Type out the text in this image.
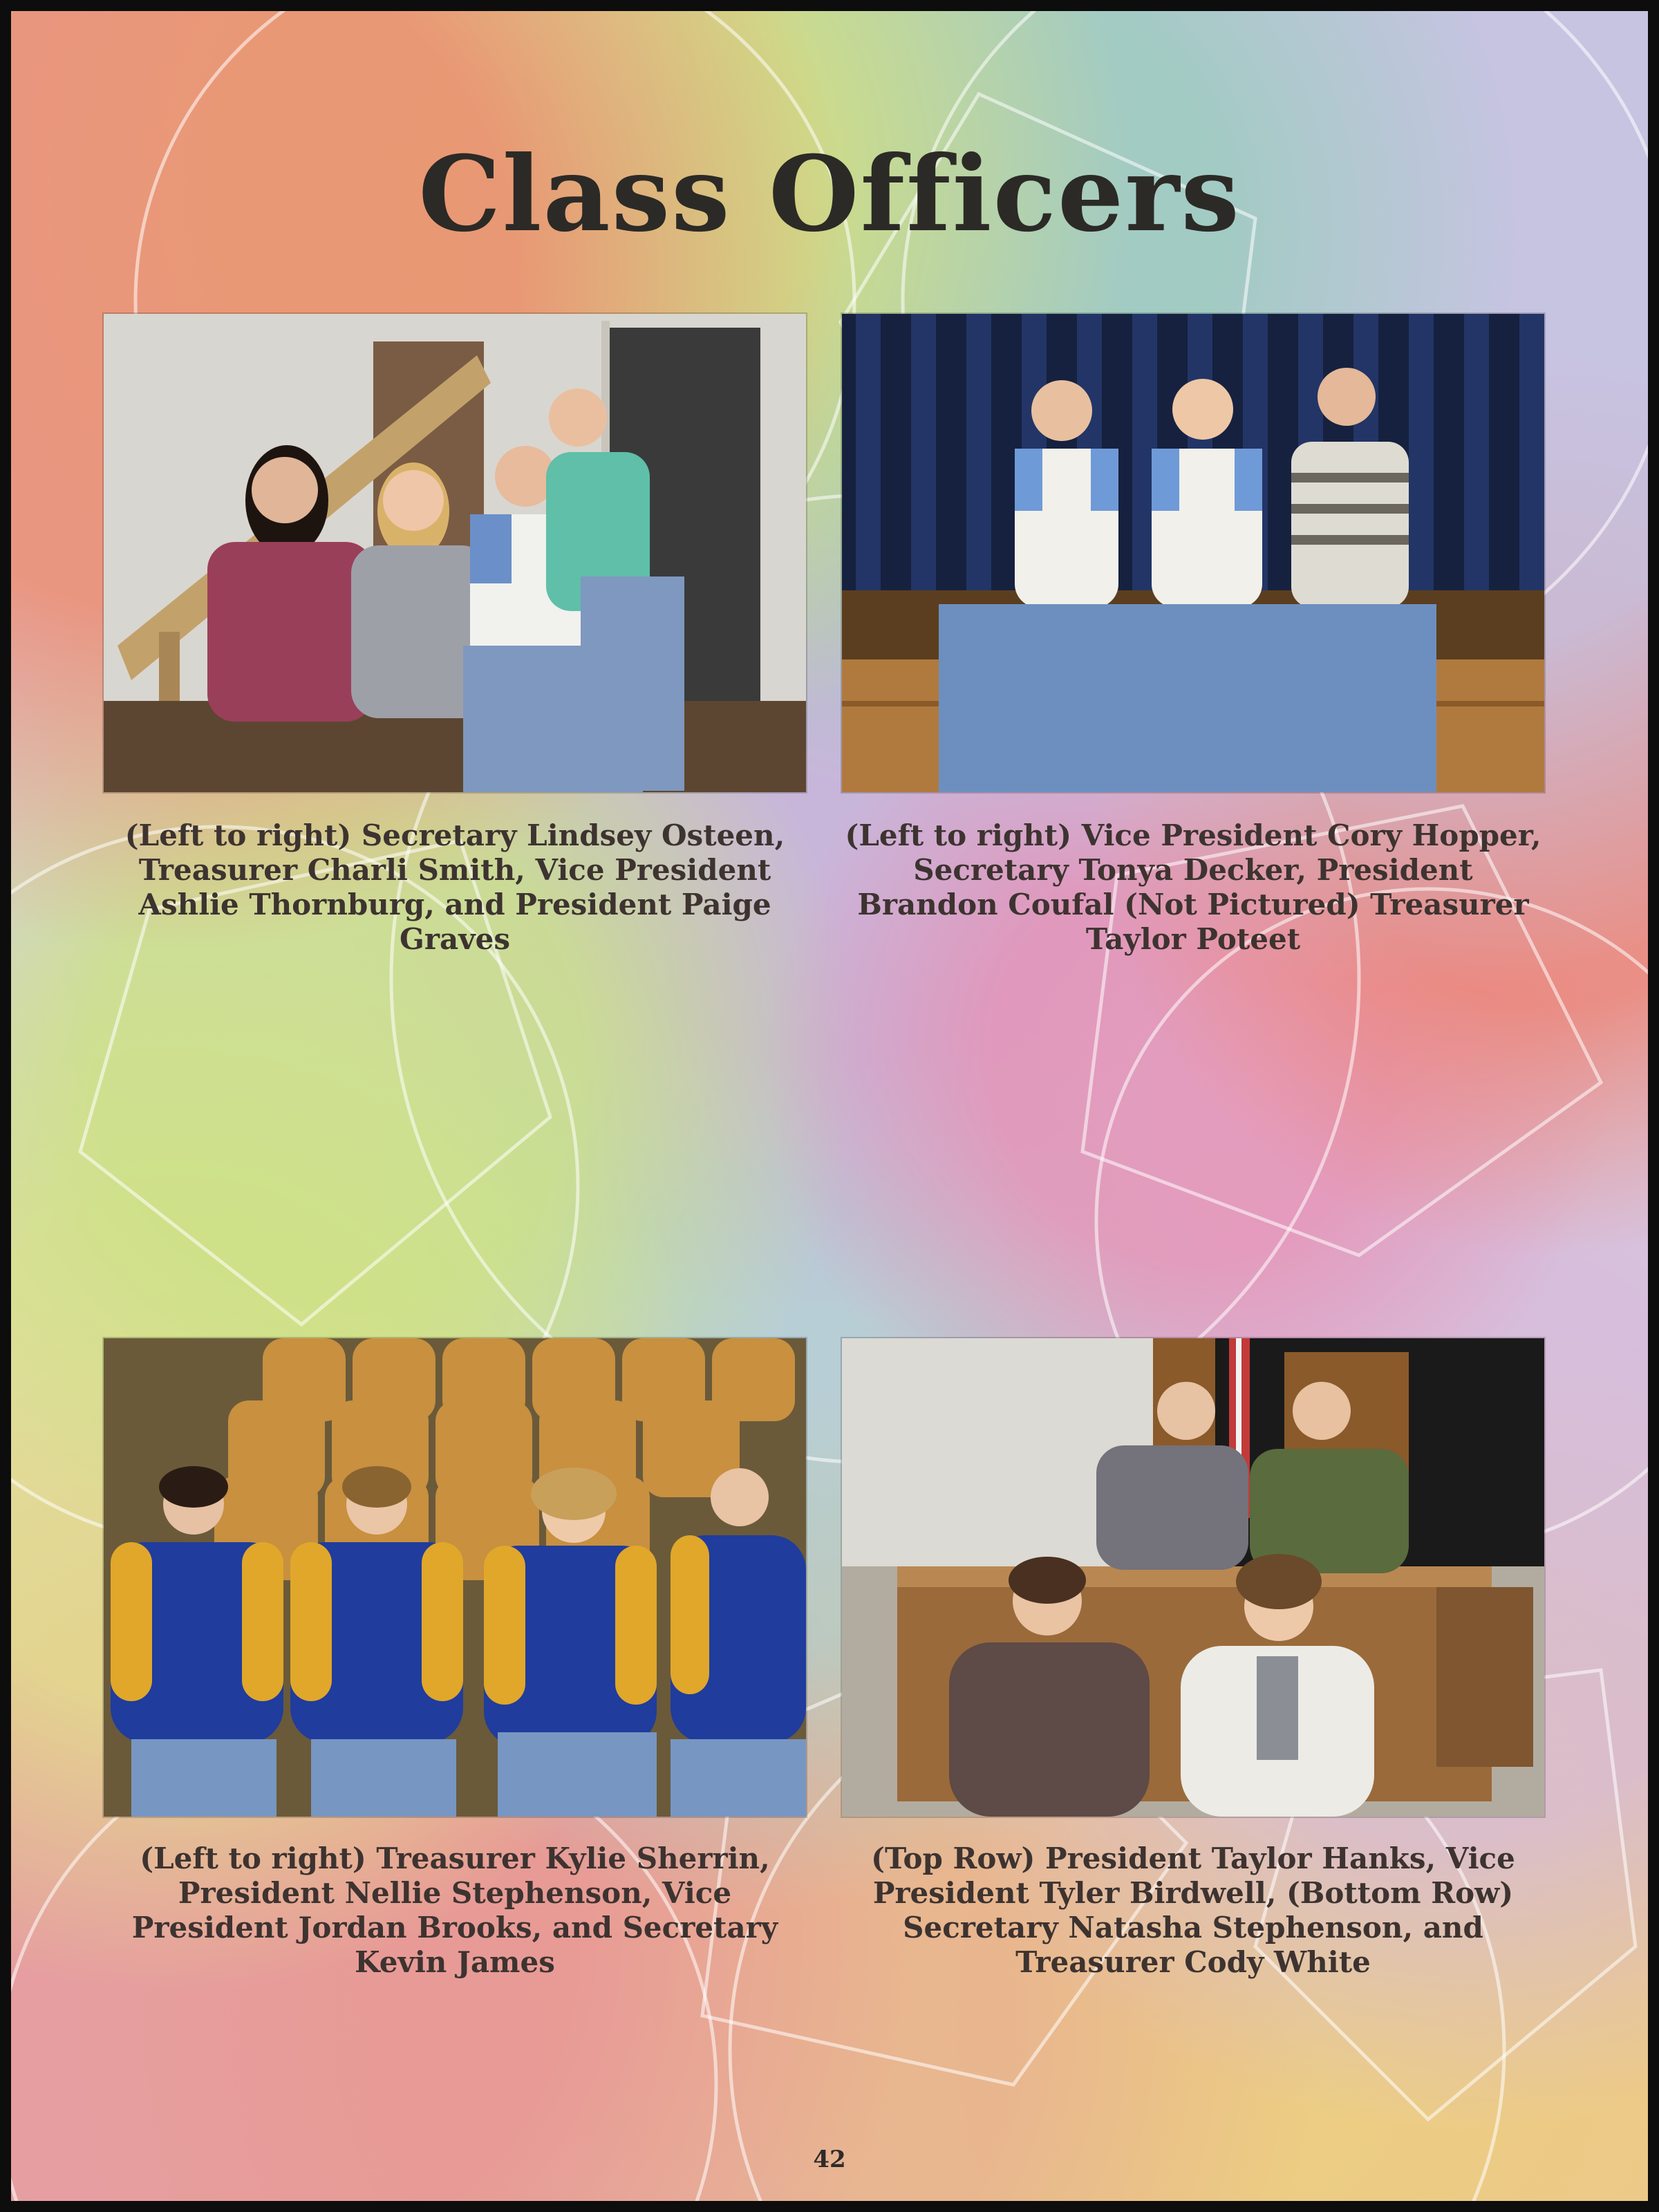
Class Officers
(Left to right) Secretary Lindsey Osteen, Treasurer Charli Smith, Vice President Ashlie Thornburg, and President Paige Graves
(Left to right) Vice President Cory Hopper, Secretary Tonya Decker, President Brandon Coufal (Not Pictured) Treasurer Taylor Poteet
(Left to right) Treasurer Kylie Sherrin, President Nellie Stephenson, Vice President Jordan Brooks, and Secretary Kevin James
(Top Row) President Taylor Hanks, Vice President Tyler Birdwell, (Bottom Row) Secretary Natasha Stephenson, and Treasurer Cody White
42
